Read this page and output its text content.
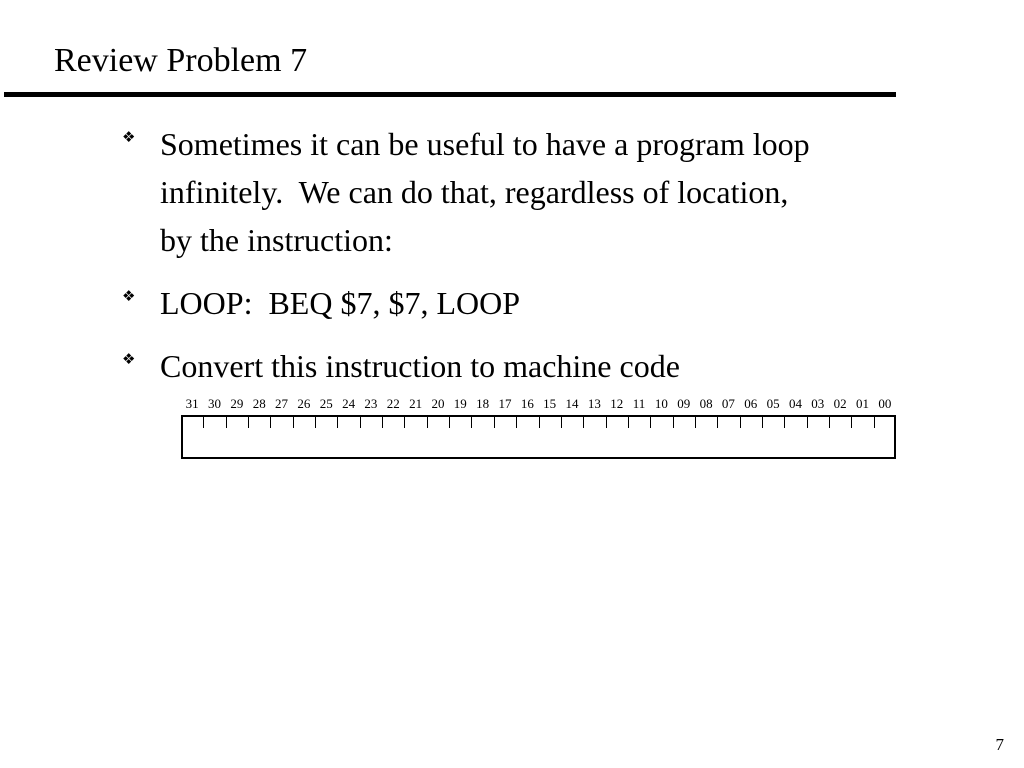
Review Problem 7
❖ Sometimes it can be useful to have a program loop
infinitely.  We can do that, regardless of location,
by the instruction:
❖ LOOP:  BEQ $7, $7, LOOP
❖ Convert this instruction to machine code
31 30 29 28 27 26 25 24 23 22 21 20 19 18 17 16 15 14 13 12 11 10 09 08 07 06 05 04 03 02 01 00
7
